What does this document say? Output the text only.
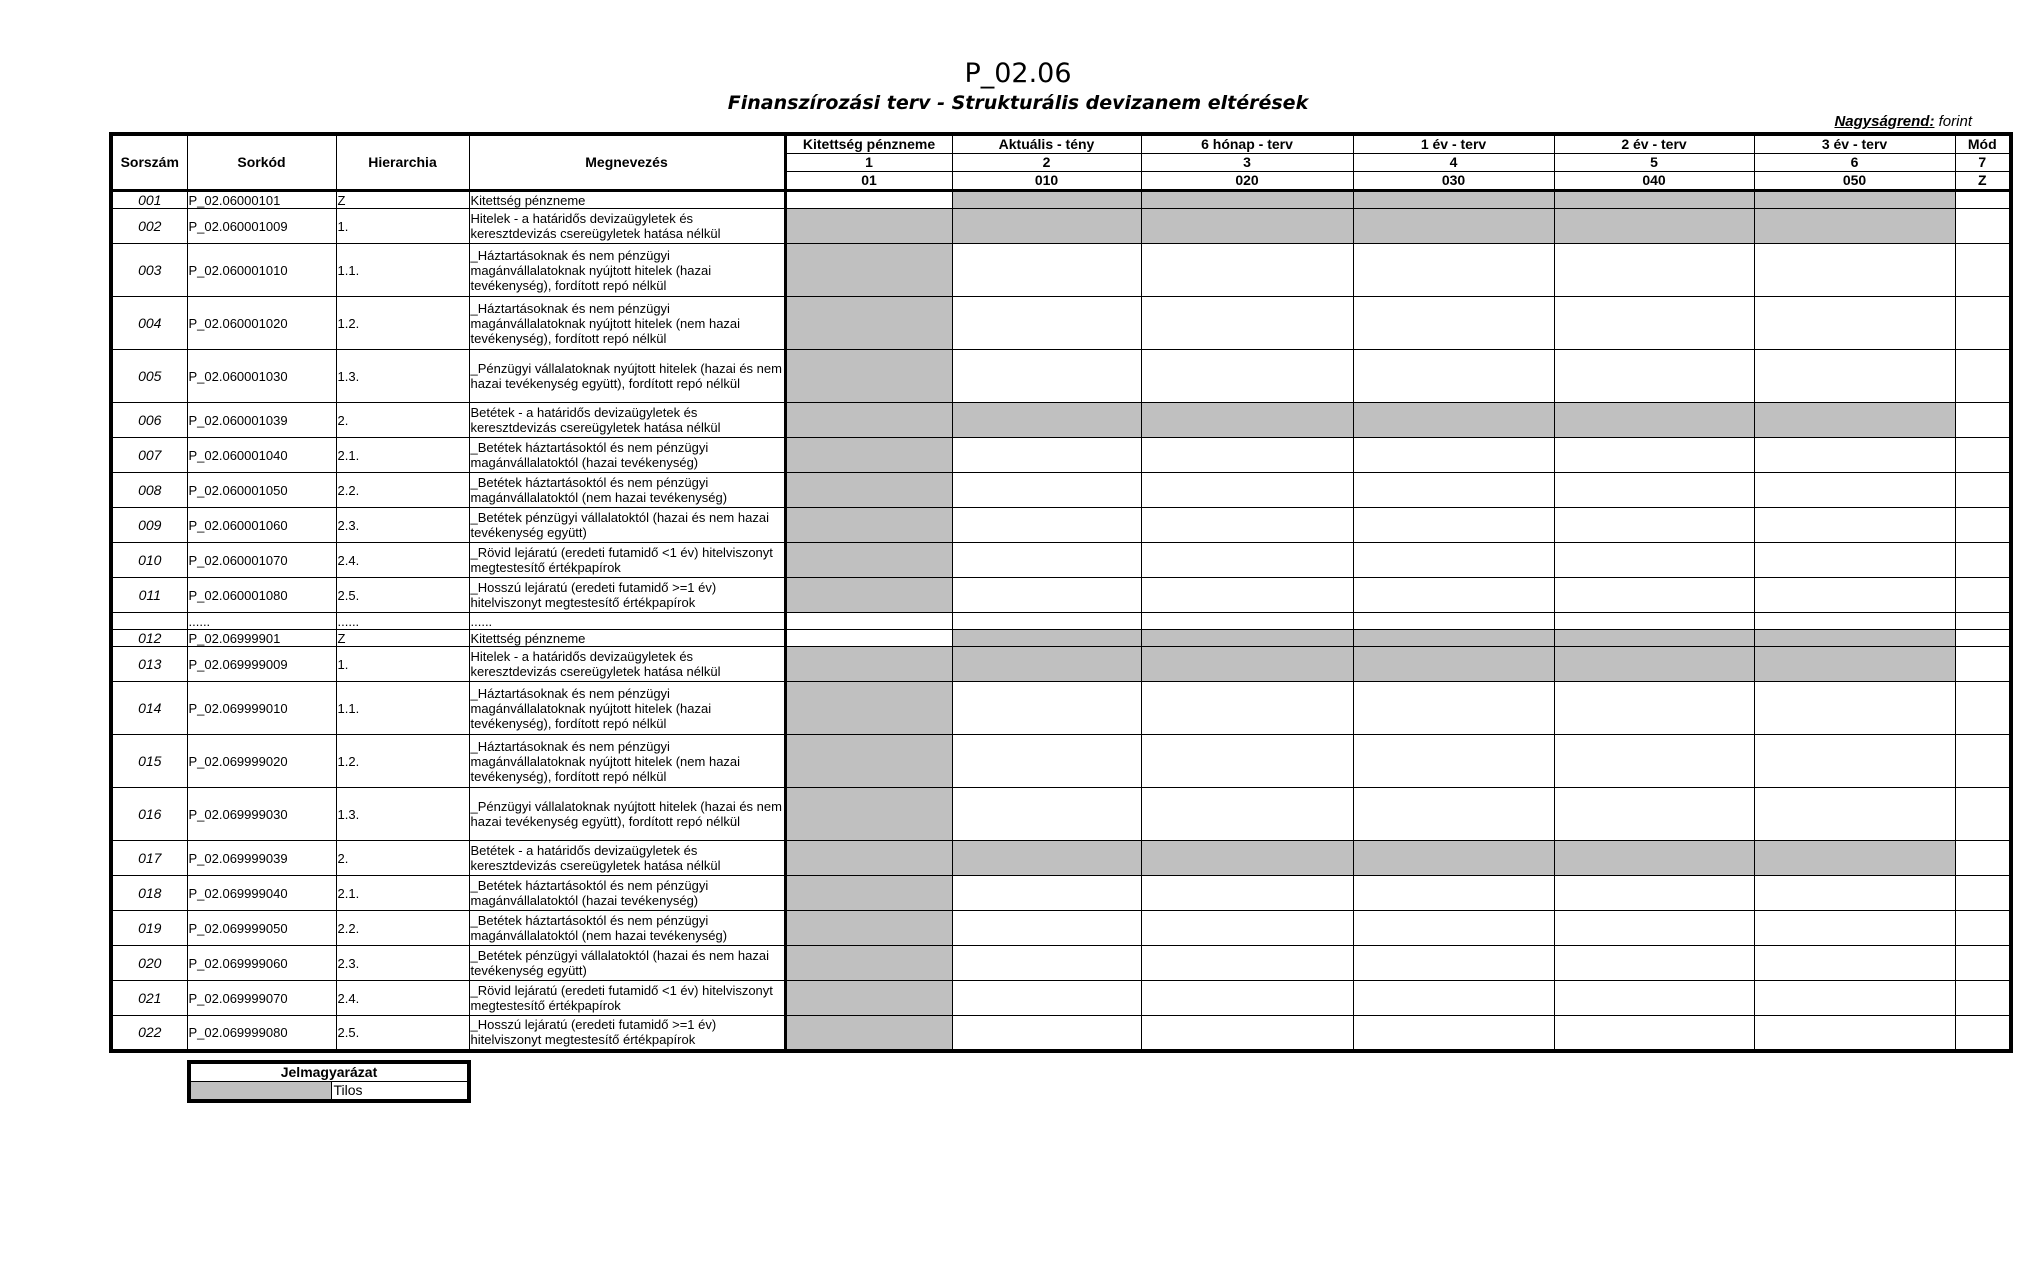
P_02.06
Finanszírozási terv - Strukturális devizanem eltérések
Nagyságrend: forint
Sorszám	Sorkód	Hierarchia	Megnevezés	Kitettség pénzneme	Aktuális - tény	6 hónap - terv	1 év - terv	2 év - terv	3 év - terv	Mód
				1	2	3	4	5	6	7
				01	010	020	030	040	050	Z
001	P_02.06000101	Z	Kitettség pénzneme							
002	P_02.060001009	1.	Hitelek - a határidős devizaügyletek és keresztdevizás csereügyletek hatása nélkül							
003	P_02.060001010	1.1.	_Háztartásoknak és nem pénzügyi magánvállalatoknak nyújtott hitelek (hazai tevékenység), fordított repó nélkül							
004	P_02.060001020	1.2.	_Háztartásoknak és nem pénzügyi magánvállalatoknak nyújtott hitelek (nem hazai tevékenység), fordított repó nélkül							
005	P_02.060001030	1.3.	_Pénzügyi vállalatoknak nyújtott hitelek (hazai és nem hazai tevékenység együtt), fordított repó nélkül							
006	P_02.060001039	2.	Betétek - a határidős devizaügyletek és keresztdevizás csereügyletek hatása nélkül							
007	P_02.060001040	2.1.	_Betétek háztartásoktól és nem pénzügyi magánvállalatoktól (hazai tevékenység)							
008	P_02.060001050	2.2.	_Betétek háztartásoktól és nem pénzügyi magánvállalatoktól (nem hazai tevékenység)							
009	P_02.060001060	2.3.	_Betétek pénzügyi vállalatoktól (hazai és nem hazai tevékenység együtt)							
010	P_02.060001070	2.4.	_Rövid lejáratú (eredeti futamidő <1 év) hitelviszonyt megtestesítő értékpapírok							
011	P_02.060001080	2.5.	_Hosszú lejáratú (eredeti futamidő >=1 év) hitelviszonyt megtestesítő értékpapírok							
	......	......	......							
012	P_02.06999901	Z	Kitettség pénzneme							
013	P_02.069999009	1.	Hitelek - a határidős devizaügyletek és keresztdevizás csereügyletek hatása nélkül							
014	P_02.069999010	1.1.	_Háztartásoknak és nem pénzügyi magánvállalatoknak nyújtott hitelek (hazai tevékenység), fordított repó nélkül							
015	P_02.069999020	1.2.	_Háztartásoknak és nem pénzügyi magánvállalatoknak nyújtott hitelek (nem hazai tevékenység), fordított repó nélkül							
016	P_02.069999030	1.3.	_Pénzügyi vállalatoknak nyújtott hitelek (hazai és nem hazai tevékenység együtt), fordított repó nélkül							
017	P_02.069999039	2.	Betétek - a határidős devizaügyletek és keresztdevizás csereügyletek hatása nélkül							
018	P_02.069999040	2.1.	_Betétek háztartásoktól és nem pénzügyi magánvállalatoktól (hazai tevékenység)							
019	P_02.069999050	2.2.	_Betétek háztartásoktól és nem pénzügyi magánvállalatoktól (nem hazai tevékenység)							
020	P_02.069999060	2.3.	_Betétek pénzügyi vállalatoktól (hazai és nem hazai tevékenység együtt)							
021	P_02.069999070	2.4.	_Rövid lejáratú (eredeti futamidő <1 év) hitelviszonyt megtestesítő értékpapírok							
022	P_02.069999080	2.5.	_Hosszú lejáratú (eredeti futamidő >=1 év) hitelviszonyt megtestesítő értékpapírok							
Jelmagyarázat
	Tilos
